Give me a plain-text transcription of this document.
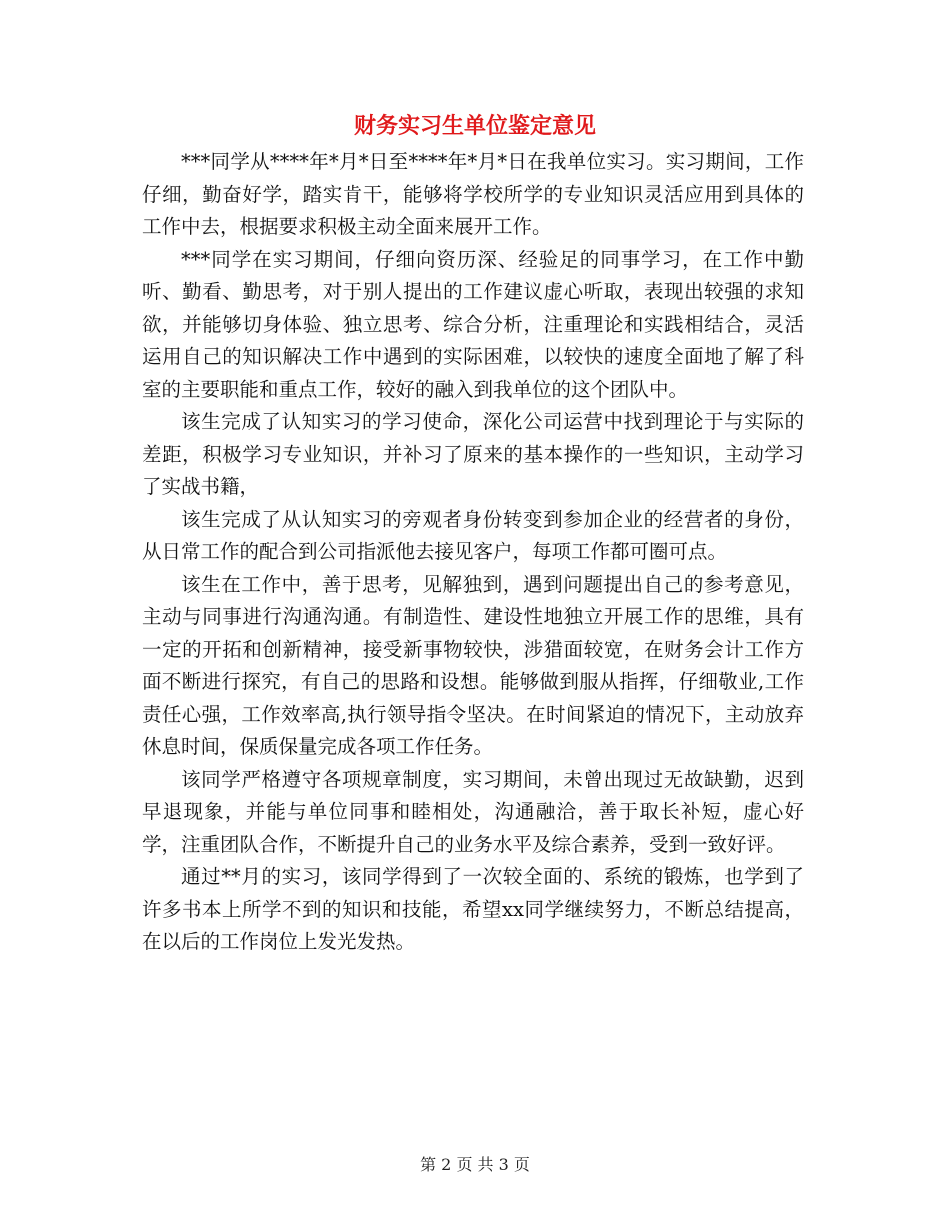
财务实习生单位鉴定意见

***同学从****年*月*日至****年*月*日在我单位实习。实习期间，工作仔细，勤奋好学，踏实肯干，能够将学校所学的专业知识灵活应用到具体的工作中去，根据要求积极主动全面来展开工作。

***同学在实习期间，仔细向资历深、经验足的同事学习，在工作中勤听、勤看、勤思考，对于别人提出的工作建议虚心听取，表现出较强的求知欲，并能够切身体验、独立思考、综合分析，注重理论和实践相结合，灵活运用自己的知识解决工作中遇到的实际困难，以较快的速度全面地了解了科室的主要职能和重点工作，较好的融入到我单位的这个团队中。

该生完成了认知实习的学习使命，深化公司运营中找到理论于与实际的差距，积极学习专业知识，并补习了原来的基本操作的一些知识，主动学习了实战书籍，

该生完成了从认知实习的旁观者身份转变到参加企业的经营者的身份，从日常工作的配合到公司指派他去接见客户，每项工作都可圈可点。

该生在工作中，善于思考，见解独到，遇到问题提出自己的参考意见，主动与同事进行沟通沟通。有制造性、建设性地独立开展工作的思维，具有一定的开拓和创新精神，接受新事物较快，涉猎面较宽，在财务会计工作方面不断进行探究，有自己的思路和设想。能够做到服从指挥，仔细敬业,工作责任心强，工作效率高,执行领导指令坚决。在时间紧迫的情况下，主动放弃休息时间，保质保量完成各项工作任务。

该同学严格遵守各项规章制度，实习期间，未曾出现过无故缺勤，迟到早退现象，并能与单位同事和睦相处，沟通融洽，善于取长补短，虚心好学，注重团队合作，不断提升自己的业务水平及综合素养，受到一致好评。

通过**月的实习，该同学得到了一次较全面的、系统的锻炼，也学到了许多书本上所学不到的知识和技能，希望xx同学继续努力，不断总结提高，在以后的工作岗位上发光发热。

第 2 页 共 3 页
